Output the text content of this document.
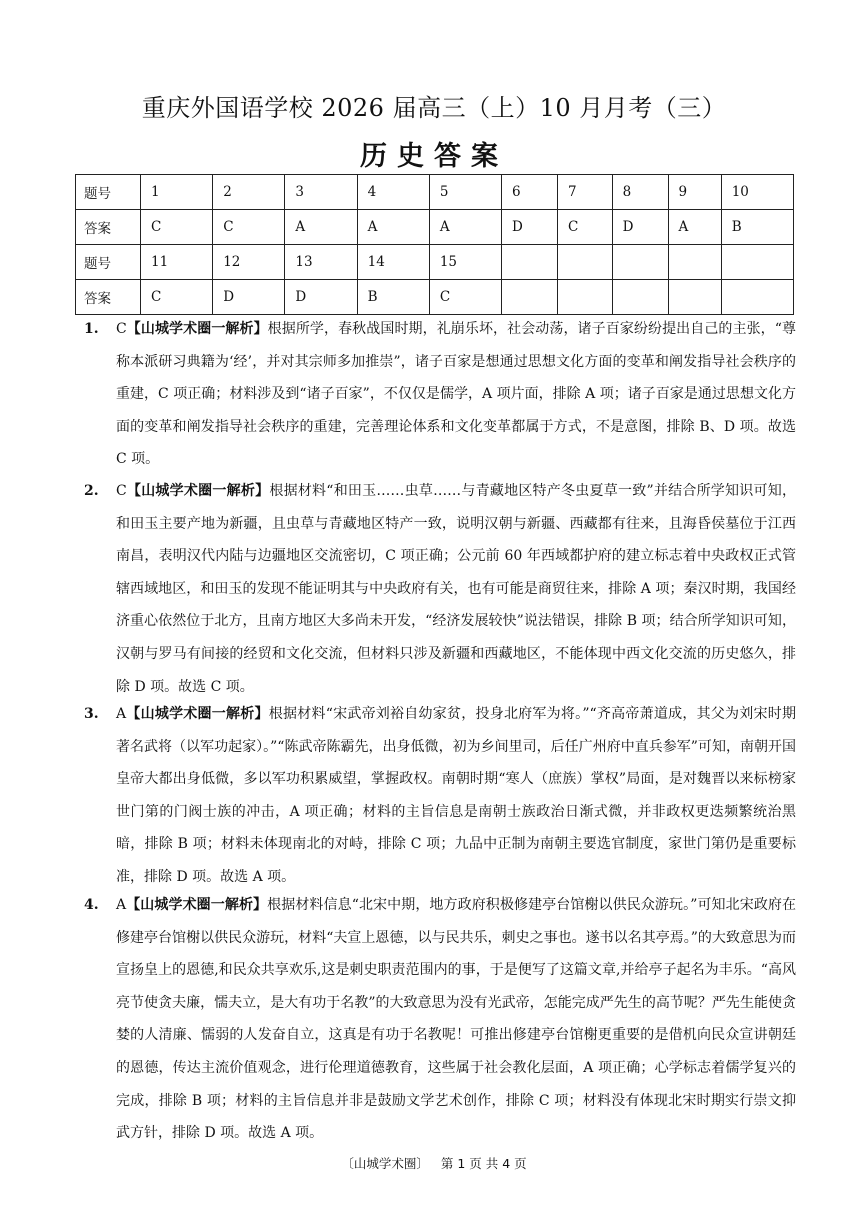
重庆外国语学校 2026 届高三（上）10 月月考（三）
历史答案
题号	1	2	3	4	5	6	7	8	9	10
答案	C	C	A	A	A	D	C	D	A	B
题号	11	12	13	14	15					
答案	C	D	D	B	C					
1.	C【山城学术圈一解析】根据所学，春秋战国时期，礼崩乐坏，社会动荡，诸子百家纷纷提出自己的主张，“尊称本派研习典籍为‘经’，并对其宗师多加推崇”，诸子百家是想通过思想文化方面的变革和阐发指导社会秩序的重建，C 项正确；材料涉及到“诸子百家”，不仅仅是儒学，A 项片面，排除 A 项；诸子百家是通过思想文化方面的变革和阐发指导社会秩序的重建，完善理论体系和文化变革都属于方式，不是意图，排除 B、D 项。故选 C 项。
2.	C【山城学术圈一解析】根据材料“和田玉……虫草……与青藏地区特产冬虫夏草一致”并结合所学知识可知，和田玉主要产地为新疆，且虫草与青藏地区特产一致，说明汉朝与新疆、西藏都有往来，且海昏侯墓位于江西南昌，表明汉代内陆与边疆地区交流密切，C 项正确；公元前 60 年西域都护府的建立标志着中央政权正式管辖西域地区，和田玉的发现不能证明其与中央政府有关，也有可能是商贸往来，排除 A 项；秦汉时期，我国经济重心依然位于北方，且南方地区大多尚未开发，“经济发展较快”说法错误，排除 B 项；结合所学知识可知，汉朝与罗马有间接的经贸和文化交流，但材料只涉及新疆和西藏地区，不能体现中西文化交流的历史悠久，排除 D 项。故选 C 项。
3.	A【山城学术圈一解析】根据材料“宋武帝刘裕自幼家贫，投身北府军为将。”“齐高帝萧道成，其父为刘宋时期著名武将（以军功起家）。”“陈武帝陈霸先，出身低微，初为乡间里司，后任广州府中直兵参军”可知，南朝开国皇帝大都出身低微，多以军功积累威望，掌握政权。南朝时期“寒人（庶族）掌权”局面，是对魏晋以来标榜家世门第的门阀士族的冲击，A 项正确；材料的主旨信息是南朝士族政治日渐式微，并非政权更迭频繁统治黑暗，排除 B 项；材料未体现南北的对峙，排除 C 项；九品中正制为南朝主要选官制度，家世门第仍是重要标准，排除 D 项。故选 A 项。
4.	A【山城学术圈一解析】根据材料信息“北宋中期，地方政府积极修建亭台馆榭以供民众游玩。”可知北宋政府在修建亭台馆榭以供民众游玩，材料“夫宣上恩德，以与民共乐，刺史之事也。遂书以名其亭焉。”的大致意思为而宣扬皇上的恩德,和民众共享欢乐,这是刺史职责范围内的事，于是便写了这篇文章,并给亭子起名为丰乐。“高风亮节使贪夫廉，懦夫立，是大有功于名教”的大致意思为没有光武帝，怎能完成严先生的高节呢？严先生能使贪婪的人清廉、懦弱的人发奋自立，这真是有功于名教呢！可推出修建亭台馆榭更重要的是借机向民众宣讲朝廷的恩德，传达主流价值观念，进行伦理道德教育，这些属于社会教化层面，A 项正确；心学标志着儒学复兴的完成，排除 B 项；材料的主旨信息并非是鼓励文学艺术创作，排除 C 项；材料没有体现北宋时期实行崇文抑武方针，排除 D 项。故选 A 项。
〔山城学术圈〕 第 1 页 共 4 页
